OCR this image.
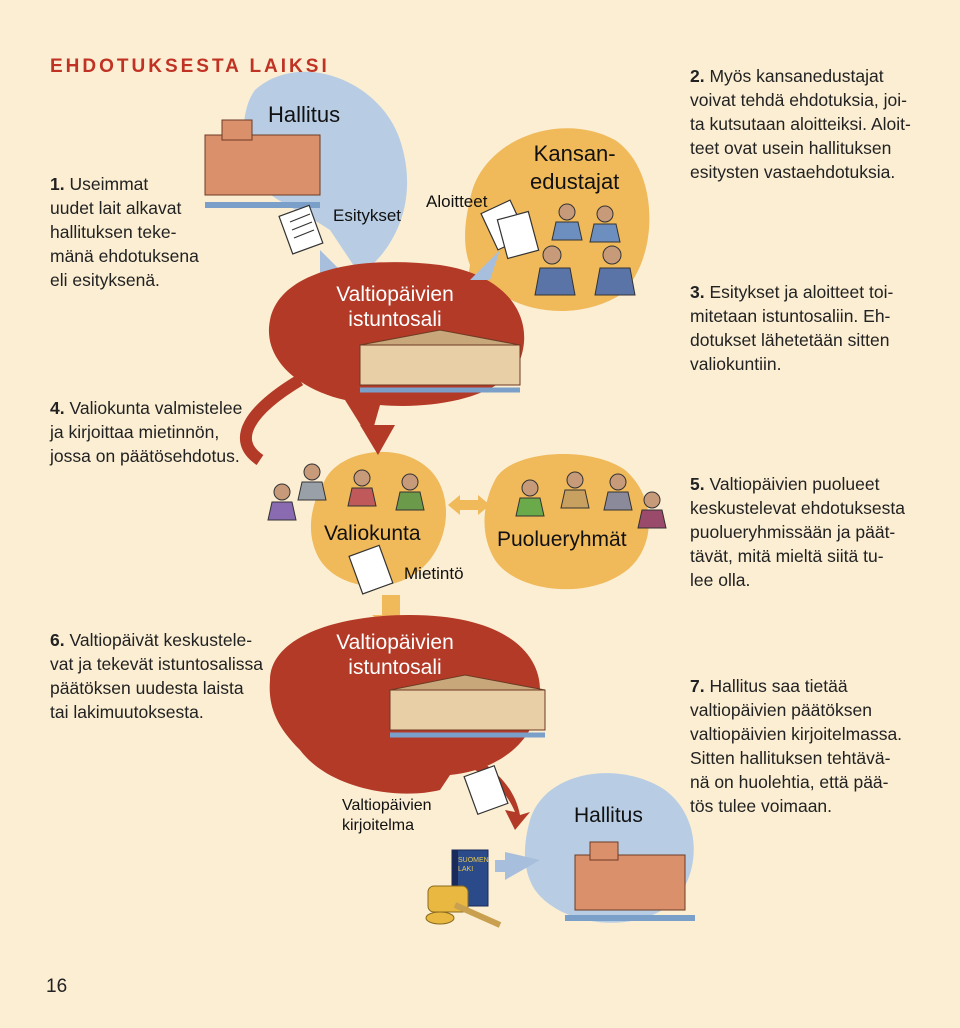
EHDOTUKSESTA LAIKSI
1. Useimmat
uudet lait alkavat
hallituksen teke-
mänä ehdotuksena
eli esityksenä.
2. Myös kansanedustajat
voivat tehdä ehdotuksia, joi-
ta kutsutaan aloitteiksi. Aloit-
teet ovat usein hallituksen
esitysten vastaehdotuksia.
3. Esitykset ja aloitteet toi-
mitetaan istuntosaliin. Eh-
dotukset lähetetään sitten
valiokuntiin.
4. Valiokunta valmistelee
ja kirjoittaa mietinnön,
jossa on päätösehdotus.
5. Valtiopäivien puolueet
keskustelevat ehdotuksesta
puolueryhmissään ja päät-
tävät, mitä mieltä siitä tu-
lee olla.
6. Valtiopäivät keskustele-
vat ja tekevät istuntosalissa
päätöksen uudesta laista
tai lakimuutoksesta.
7. Hallitus saa tietää
valtiopäivien päätöksen
valtiopäivien kirjoitelmassa.
Sitten hallituksen tehtävä-
nä on huolehtia, että pää-
tös tulee voimaan.
Hallitus
Esitykset
Aloitteet
Kansan-
edustajat
Valtiopäivien
istuntosali
Valiokunta	Puolueryhmät
Mietintö
Valtiopäivien
istuntosali
Valtiopäivien
kirjoitelma	Hallitus
SUOMEN
LAKI
16
